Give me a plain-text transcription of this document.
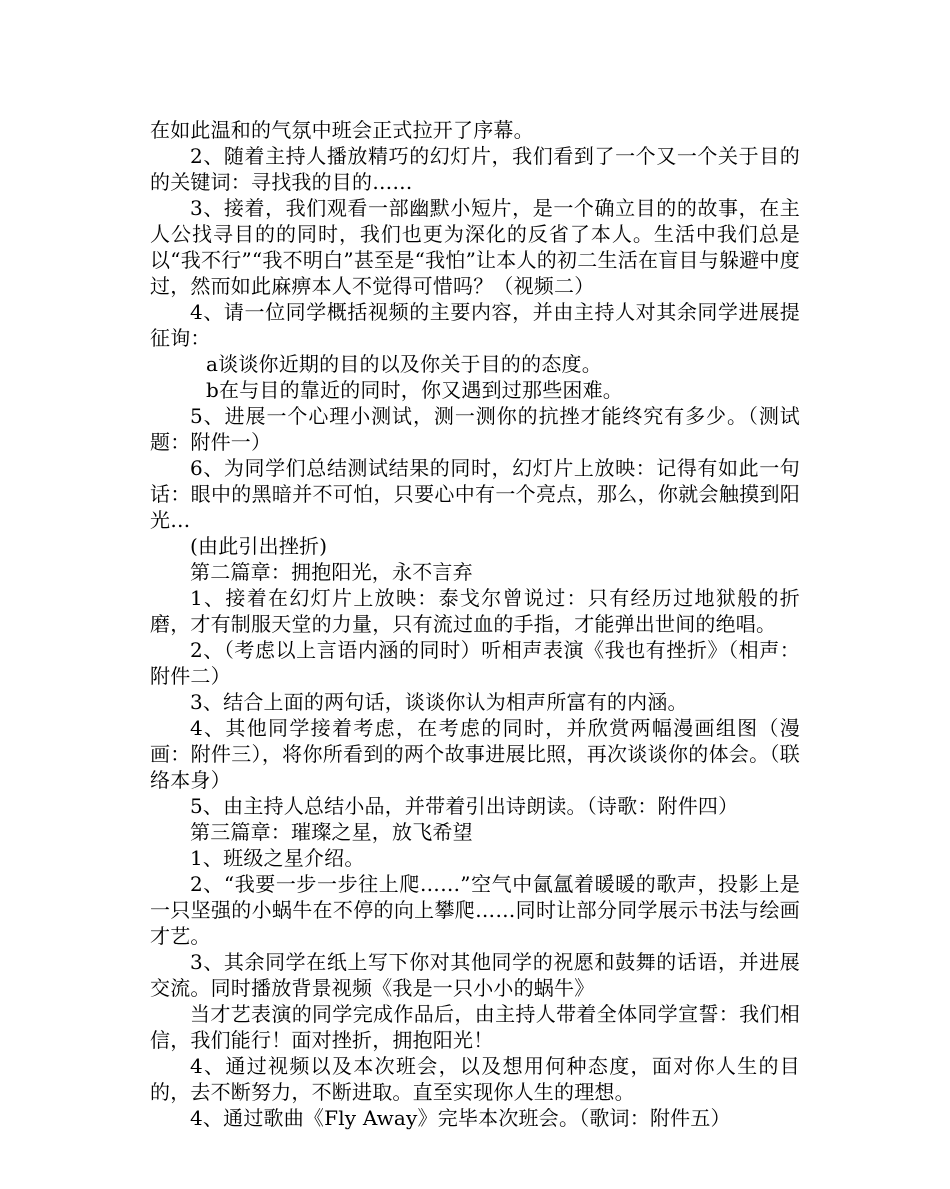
在如此温和的气氛中班会正式拉开了序幕。

2、随着主持人播放精巧的幻灯片，我们看到了一个又一个关于目的的关键词：寻找我的目的……

3、接着，我们观看一部幽默小短片，是一个确立目的的故事，在主人公找寻目的的同时，我们也更为深化的反省了本人。生活中我们总是以“我不行”“我不明白”甚至是“我怕”让本人的初二生活在盲目与躲避中度过，然而如此麻痹本人不觉得可惜吗？（视频二）

4、请一位同学概括视频的主要内容，并由主持人对其余同学进展提征询：

a谈谈你近期的目的以及你关于目的的态度。

b在与目的靠近的同时，你又遇到过那些困难。

5、进展一个心理小测试，测一测你的抗挫才能终究有多少。（测试题：附件一）

6、为同学们总结测试结果的同时，幻灯片上放映：记得有如此一句话：眼中的黑暗并不可怕，只要心中有一个亮点，那么，你就会触摸到阳光…

(由此引出挫折)

第二篇章：拥抱阳光，永不言弃

1、接着在幻灯片上放映：泰戈尔曾说过：只有经历过地狱般的折磨，才有制服天堂的力量，只有流过血的手指，才能弹出世间的绝唱。

2、（考虑以上言语内涵的同时）听相声表演《我也有挫折》（相声：附件二）

3、结合上面的两句话，谈谈你认为相声所富有的内涵。

4、其他同学接着考虑，在考虑的同时，并欣赏两幅漫画组图（漫画：附件三），将你所看到的两个故事进展比照，再次谈谈你的体会。（联络本身）

5、由主持人总结小品，并带着引出诗朗读。（诗歌：附件四）

第三篇章：璀璨之星，放飞希望

1、班级之星介绍。

2、“我要一步一步往上爬……”空气中氤氲着暖暖的歌声，投影上是一只坚强的小蜗牛在不停的向上攀爬……同时让部分同学展示书法与绘画才艺。

3、其余同学在纸上写下你对其他同学的祝愿和鼓舞的话语，并进展交流。同时播放背景视频《我是一只小小的蜗牛》

当才艺表演的同学完成作品后，由主持人带着全体同学宣誓：我们相信，我们能行！面对挫折，拥抱阳光！

4、通过视频以及本次班会，以及想用何种态度，面对你人生的目的，去不断努力，不断进取。直至实现你人生的理想。

4、通过歌曲《Fly Away》完毕本次班会。（歌词：附件五）
